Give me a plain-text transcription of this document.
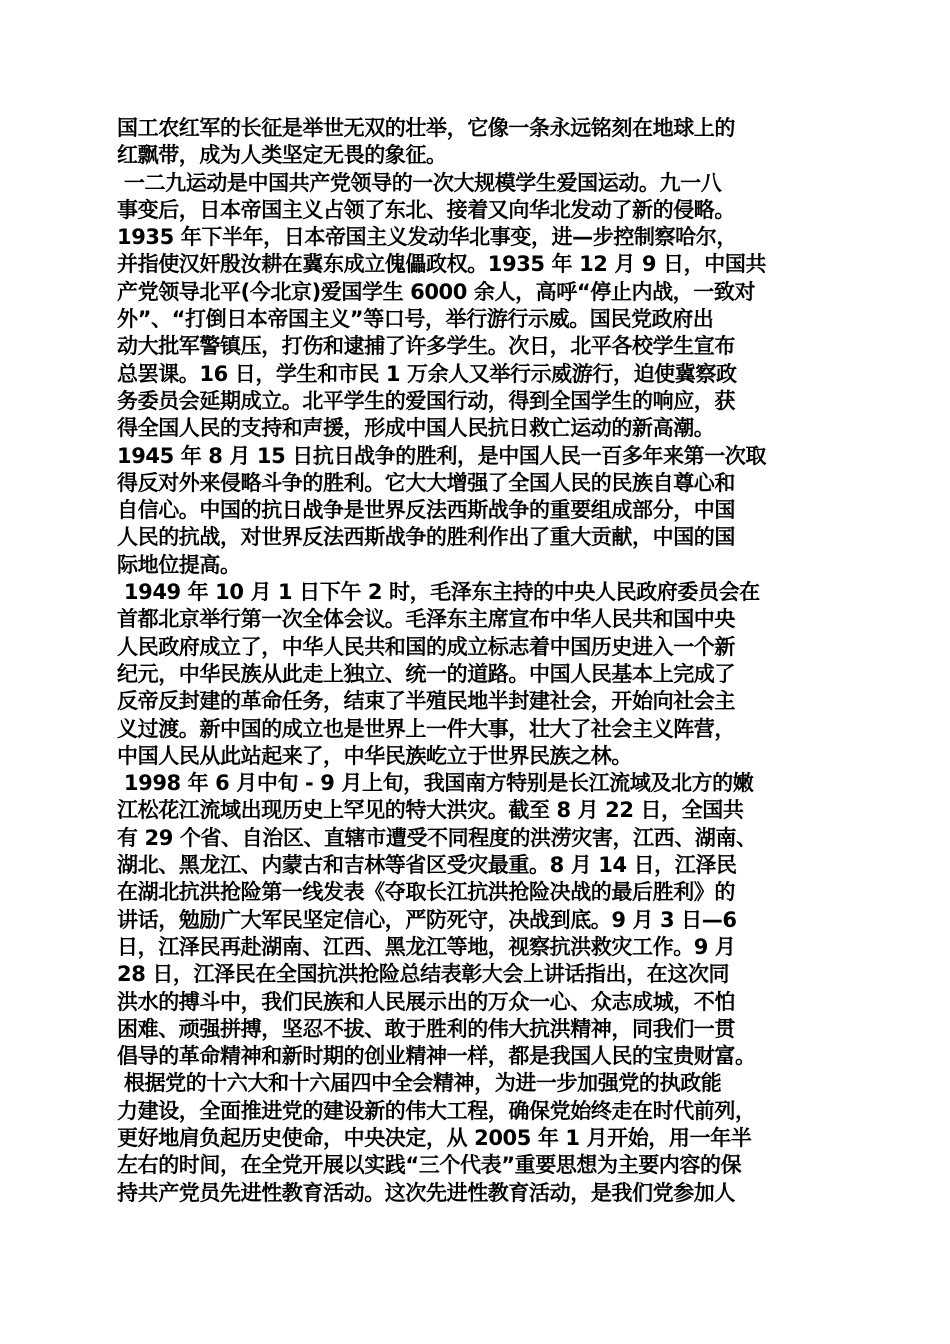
国工农红军的长征是举世无双的壮举，它像一条永远铭刻在地球上的
红飘带，成为人类坚定无畏的象征。
一二九运动是中国共产党领导的一次大规模学生爱国运动。九一八
事变后，日本帝国主义占领了东北、接着又向华北发动了新的侵略。
1935 年下半年，日本帝国主义发动华北事变，进—步控制察哈尔，
并指使汉奸殷汝耕在冀东成立傀儡政权。1935 年 12 月 9 日，中国共
产党领导北平(今北京)爱国学生 6000 余人，高呼“停止内战，一致对
外”、“打倒日本帝国主义”等口号，举行游行示威。国民党政府出
动大批军警镇压，打伤和逮捕了许多学生。次日，北平各校学生宣布
总罢课。16 日，学生和市民 1 万余人又举行示威游行，迫使冀察政
务委员会延期成立。北平学生的爱国行动，得到全国学生的响应，获
得全国人民的支持和声援，形成中国人民抗日救亡运动的新高潮。
1945 年 8 月 15 日抗日战争的胜利，是中国人民一百多年来第一次取
得反对外来侵略斗争的胜利。它大大增强了全国人民的民族自尊心和
自信心。中国的抗日战争是世界反法西斯战争的重要组成部分，中国
人民的抗战，对世界反法西斯战争的胜利作出了重大贡献，中国的国
际地位提高。
1949 年 10 月 1 日下午 2 时，毛泽东主持的中央人民政府委员会在
首都北京举行第一次全体会议。毛泽东主席宣布中华人民共和国中央
人民政府成立了，中华人民共和国的成立标志着中国历史进入一个新
纪元，中华民族从此走上独立、统一的道路。中国人民基本上完成了
反帝反封建的革命任务，结束了半殖民地半封建社会，开始向社会主
义过渡。新中国的成立也是世界上一件大事，壮大了社会主义阵营，
中国人民从此站起来了，中华民族屹立于世界民族之林。
1998 年 6 月中旬 - 9 月上旬，我国南方特别是长江流域及北方的嫩
江松花江流域出现历史上罕见的特大洪灾。截至 8 月 22 日，全国共
有 29 个省、自治区、直辖市遭受不同程度的洪涝灾害，江西、湖南、
湖北、黑龙江、内蒙古和吉林等省区受灾最重。8 月 14 日，江泽民
在湖北抗洪抢险第一线发表《夺取长江抗洪抢险决战的最后胜利》的
讲话，勉励广大军民坚定信心，严防死守，决战到底。9 月 3 日—6
日，江泽民再赴湖南、江西、黑龙江等地，视察抗洪救灾工作。9 月
28 日，江泽民在全国抗洪抢险总结表彰大会上讲话指出，在这次同
洪水的搏斗中，我们民族和人民展示出的万众一心、众志成城，不怕
困难、顽强拼搏，坚忍不拔、敢于胜利的伟大抗洪精神，同我们一贯
倡导的革命精神和新时期的创业精神一样，都是我国人民的宝贵财富。
根据党的十六大和十六届四中全会精神，为进一步加强党的执政能
力建设，全面推进党的建设新的伟大工程，确保党始终走在时代前列，
更好地肩负起历史使命，中央决定，从 2005 年 1 月开始，用一年半
左右的时间，在全党开展以实践“三个代表”重要思想为主要内容的保
持共产党员先进性教育活动。这次先进性教育活动，是我们党参加人
